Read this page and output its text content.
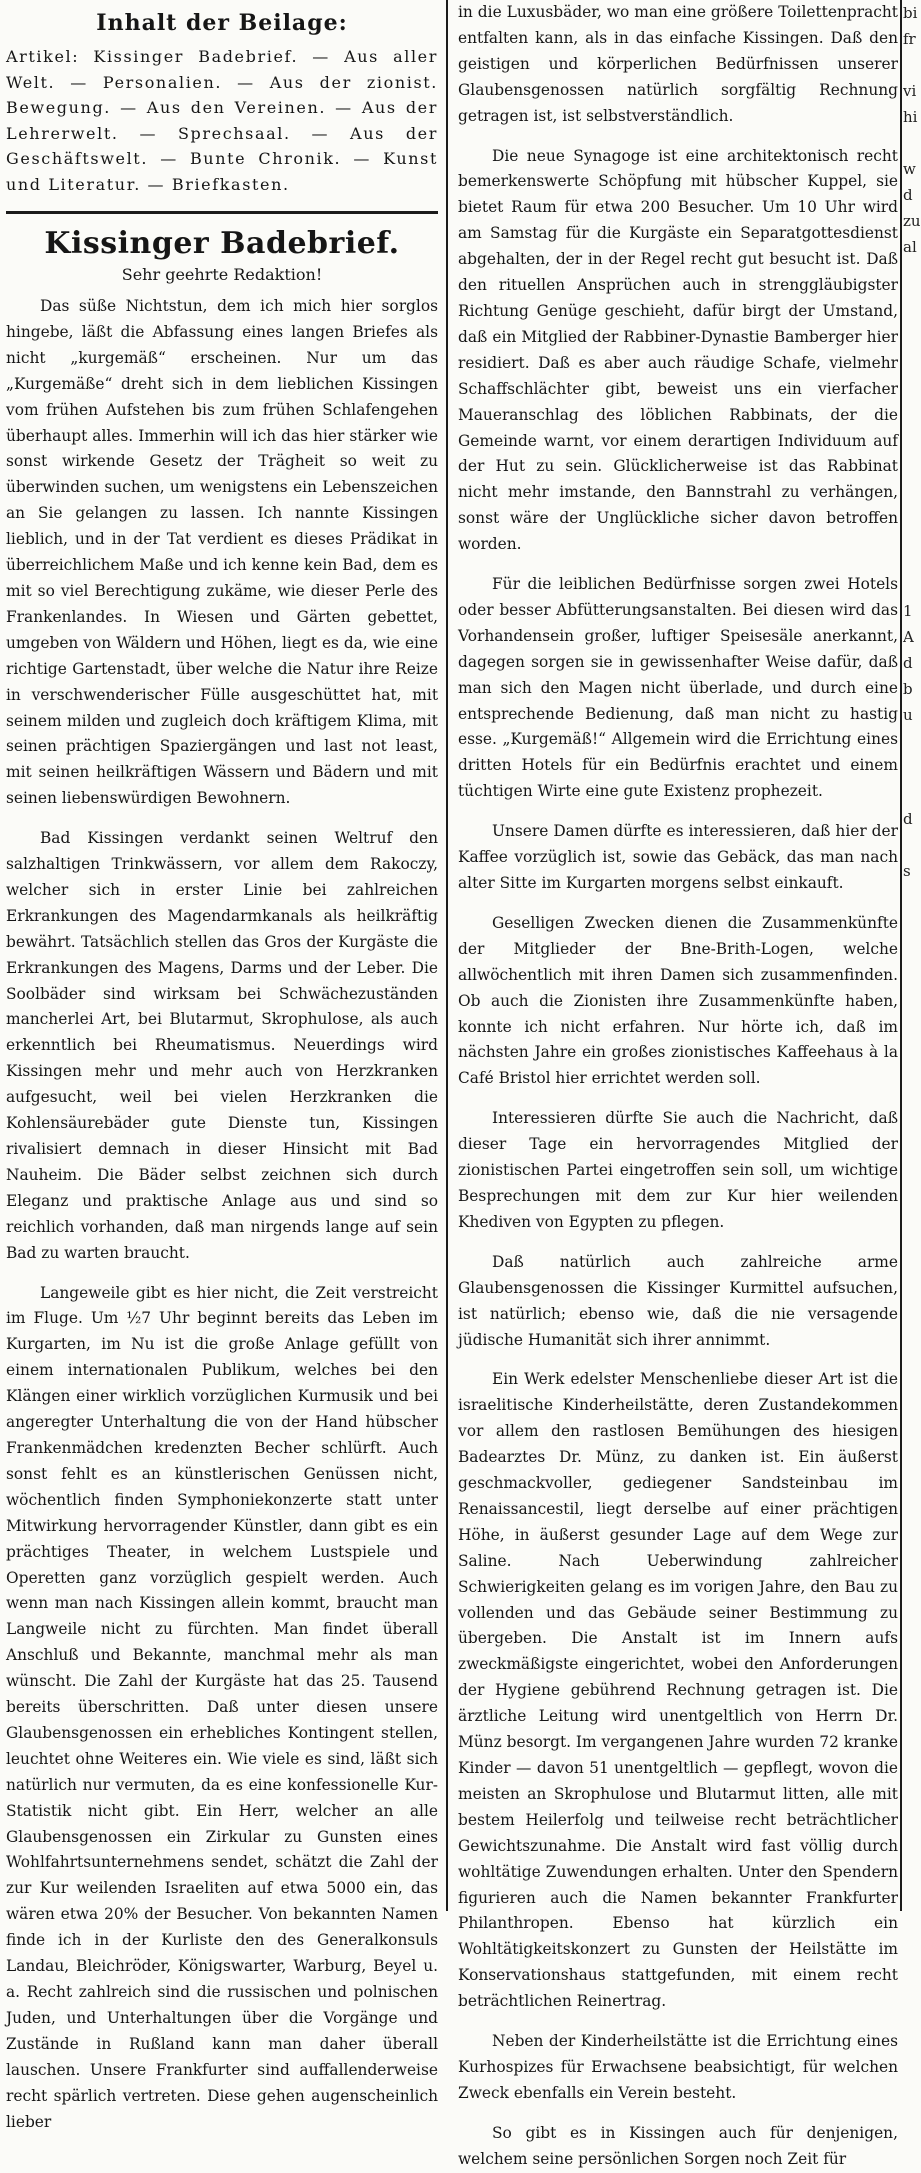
Inhalt der Beilage:
Artikel: Kissinger Badebrief. — Aus aller Welt. — Personalien. — Aus der zionist. Bewegung. — Aus den Vereinen. — Aus der Lehrerwelt. — Sprechsaal. — Aus der Geschäftswelt. — Bunte Chronik. — Kunst und Literatur. — Briefkasten.
Kissinger Badebrief.
Sehr geehrte Redaktion!

Das süße Nichtstun, dem ich mich hier sorglos hingebe, läßt die Abfassung eines langen Briefes als nicht „kurgemäß“ erscheinen. Nur um das „Kurgemäße“ dreht sich in dem lieblichen Kissingen vom frühen Aufstehen bis zum frühen Schlafengehen überhaupt alles. Immerhin will ich das hier stärker wie sonst wirkende Gesetz der Trägheit so weit zu überwinden suchen, um wenigstens ein Lebenszeichen an Sie gelangen zu lassen. Ich nannte Kissingen lieblich, und in der Tat verdient es dieses Prädikat in überreichlichem Maße und ich kenne kein Bad, dem es mit so viel Berechtigung zukäme, wie dieser Perle des Frankenlandes. In Wiesen und Gärten gebettet, umgeben von Wäldern und Höhen, liegt es da, wie eine richtige Gartenstadt, über welche die Natur ihre Reize in verschwenderischer Fülle ausgeschüttet hat, mit seinem milden und zugleich doch kräftigem Klima, mit seinen prächtigen Spaziergängen und last not least, mit seinen heilkräftigen Wässern und Bädern und mit seinen liebenswürdigen Bewohnern.

Bad Kissingen verdankt seinen Weltruf den salzhaltigen Trinkwässern, vor allem dem Rakoczy, welcher sich in erster Linie bei zahlreichen Erkrankungen des Magendarmkanals als heilkräftig bewährt. Tatsächlich stellen das Gros der Kurgäste die Erkrankungen des Magens, Darms und der Leber. Die Soolbäder sind wirksam bei Schwächezuständen mancherlei Art, bei Blutarmut, Skrophulose, als auch erkenntlich bei Rheumatismus. Neuerdings wird Kissingen mehr und mehr auch von Herzkranken aufgesucht, weil bei vielen Herzkranken die Kohlensäurebäder gute Dienste tun, Kissingen rivalisiert demnach in dieser Hinsicht mit Bad Nauheim. Die Bäder selbst zeichnen sich durch Eleganz und praktische Anlage aus und sind so reichlich vorhanden, daß man nirgends lange auf sein Bad zu warten braucht.

Langeweile gibt es hier nicht, die Zeit verstreicht im Fluge. Um ½7 Uhr beginnt bereits das Leben im Kurgarten, im Nu ist die große Anlage gefüllt von einem internationalen Publikum, welches bei den Klängen einer wirklich vorzüglichen Kurmusik und bei angeregter Unterhaltung die von der Hand hübscher Frankenmädchen kredenzten Becher schlürft. Auch sonst fehlt es an künstlerischen Genüssen nicht, wöchentlich finden Symphoniekonzerte statt unter Mitwirkung hervorragender Künstler, dann gibt es ein prächtiges Theater, in welchem Lustspiele und Operetten ganz vorzüglich gespielt werden. Auch wenn man nach Kissingen allein kommt, braucht man Langweile nicht zu fürchten. Man findet überall Anschluß und Bekannte, manchmal mehr als man wünscht. Die Zahl der Kurgäste hat das 25. Tausend bereits überschritten. Daß unter diesen unsere Glaubensgenossen ein erhebliches Kontingent stellen, leuchtet ohne Weiteres ein. Wie viele es sind, läßt sich natürlich nur vermuten, da es eine konfessionelle Kur-Statistik nicht gibt. Ein Herr, welcher an alle Glaubensgenossen ein Zirkular zu Gunsten eines Wohlfahrtsunternehmens sendet, schätzt die Zahl der zur Kur weilenden Israeliten auf etwa 5000 ein, das wären etwa 20% der Besucher. Von bekannten Namen finde ich in der Kurliste den des Generalkonsuls Landau, Bleichröder, Königswarter, Warburg, Beyel u. a. Recht zahlreich sind die russischen und polnischen Juden, und Unterhaltungen über die Vorgänge und Zustände in Rußland kann man daher überall lauschen. Unsere Frankfurter sind auffallenderweise recht spärlich vertreten. Diese gehen augenscheinlich lieber

in die Luxusbäder, wo man eine größere Toilettenpracht entfalten kann, als in das einfache Kissingen. Daß den geistigen und körperlichen Bedürfnissen unserer Glaubensgenossen natürlich sorgfältig Rechnung getragen ist, ist selbstverständlich.

Die neue Synagoge ist eine architektonisch recht bemerkenswerte Schöpfung mit hübscher Kuppel, sie bietet Raum für etwa 200 Besucher. Um 10 Uhr wird am Samstag für die Kurgäste ein Separatgottesdienst abgehalten, der in der Regel recht gut besucht ist. Daß den rituellen Ansprüchen auch in strenggläubigster Richtung Genüge geschieht, dafür birgt der Umstand, daß ein Mitglied der Rabbiner-Dynastie Bamberger hier residiert. Daß es aber auch räudige Schafe, vielmehr Schaffschlächter gibt, beweist uns ein vierfacher Maueranschlag des löblichen Rabbinats, der die Gemeinde warnt, vor einem derartigen Individuum auf der Hut zu sein. Glücklicherweise ist das Rabbinat nicht mehr imstande, den Bannstrahl zu verhängen, sonst wäre der Unglückliche sicher davon betroffen worden.

Für die leiblichen Bedürfnisse sorgen zwei Hotels oder besser Abfütterungsanstalten. Bei diesen wird das Vorhandensein großer, luftiger Speisesäle anerkannt, dagegen sorgen sie in gewissenhafter Weise dafür, daß man sich den Magen nicht überlade, und durch eine entsprechende Bedienung, daß man nicht zu hastig esse. „Kurgemäß!“ Allgemein wird die Errichtung eines dritten Hotels für ein Bedürfnis erachtet und einem tüchtigen Wirte eine gute Existenz prophezeit.

Unsere Damen dürfte es interessieren, daß hier der Kaffee vorzüglich ist, sowie das Gebäck, das man nach alter Sitte im Kurgarten morgens selbst einkauft.

Geselligen Zwecken dienen die Zusammenkünfte der Mitglieder der Bne-Brith-Logen, welche allwöchentlich mit ihren Damen sich zusammenfinden. Ob auch die Zionisten ihre Zusammenkünfte haben, konnte ich nicht erfahren. Nur hörte ich, daß im nächsten Jahre ein großes zionistisches Kaffeehaus à la Café Bristol hier errichtet werden soll.

Interessieren dürfte Sie auch die Nachricht, daß dieser Tage ein hervorragendes Mitglied der zionistischen Partei eingetroffen sein soll, um wichtige Besprechungen mit dem zur Kur hier weilenden Khediven von Egypten zu pflegen.

Daß natürlich auch zahlreiche arme Glaubensgenossen die Kissinger Kurmittel aufsuchen, ist natürlich; ebenso wie, daß die nie versagende jüdische Humanität sich ihrer annimmt.

Ein Werk edelster Menschenliebe dieser Art ist die israelitische Kinderheilstätte, deren Zustandekommen vor allem den rastlosen Bemühungen des hiesigen Badearztes Dr. Münz, zu danken ist. Ein äußerst geschmackvoller, gediegener Sandsteinbau im Renaissancestil, liegt derselbe auf einer prächtigen Höhe, in äußerst gesunder Lage auf dem Wege zur Saline. Nach Ueberwindung zahlreicher Schwierigkeiten gelang es im vorigen Jahre, den Bau zu vollenden und das Gebäude seiner Bestimmung zu übergeben. Die Anstalt ist im Innern aufs zweckmäßigste eingerichtet, wobei den Anforderungen der Hygiene gebührend Rechnung getragen ist. Die ärztliche Leitung wird unentgeltlich von Herrn Dr. Münz besorgt. Im vergangenen Jahre wurden 72 kranke Kinder — davon 51 unentgeltlich — gepflegt, wovon die meisten an Skrophulose und Blutarmut litten, alle mit bestem Heilerfolg und teilweise recht beträchtlicher Gewichtszunahme. Die Anstalt wird fast völlig durch wohltätige Zuwendungen erhalten. Unter den Spendern figurieren auch die Namen bekannter Frankfurter Philanthropen. Ebenso hat kürzlich ein Wohltätigkeitskonzert zu Gunsten der Heilstätte im Konservationshaus stattgefunden, mit einem recht beträchtlichen Reinertrag.

Neben der Kinderheilstätte ist die Errichtung eines Kurhospizes für Erwachsene beabsichtigt, für welchen Zweck ebenfalls ein Verein besteht.

So gibt es in Kissingen auch für denjenigen, welchem seine persönlichen Sorgen noch Zeit für

bi
fr

vi
hi

w
d
zu
al

1
A
d
b
u

d

s
